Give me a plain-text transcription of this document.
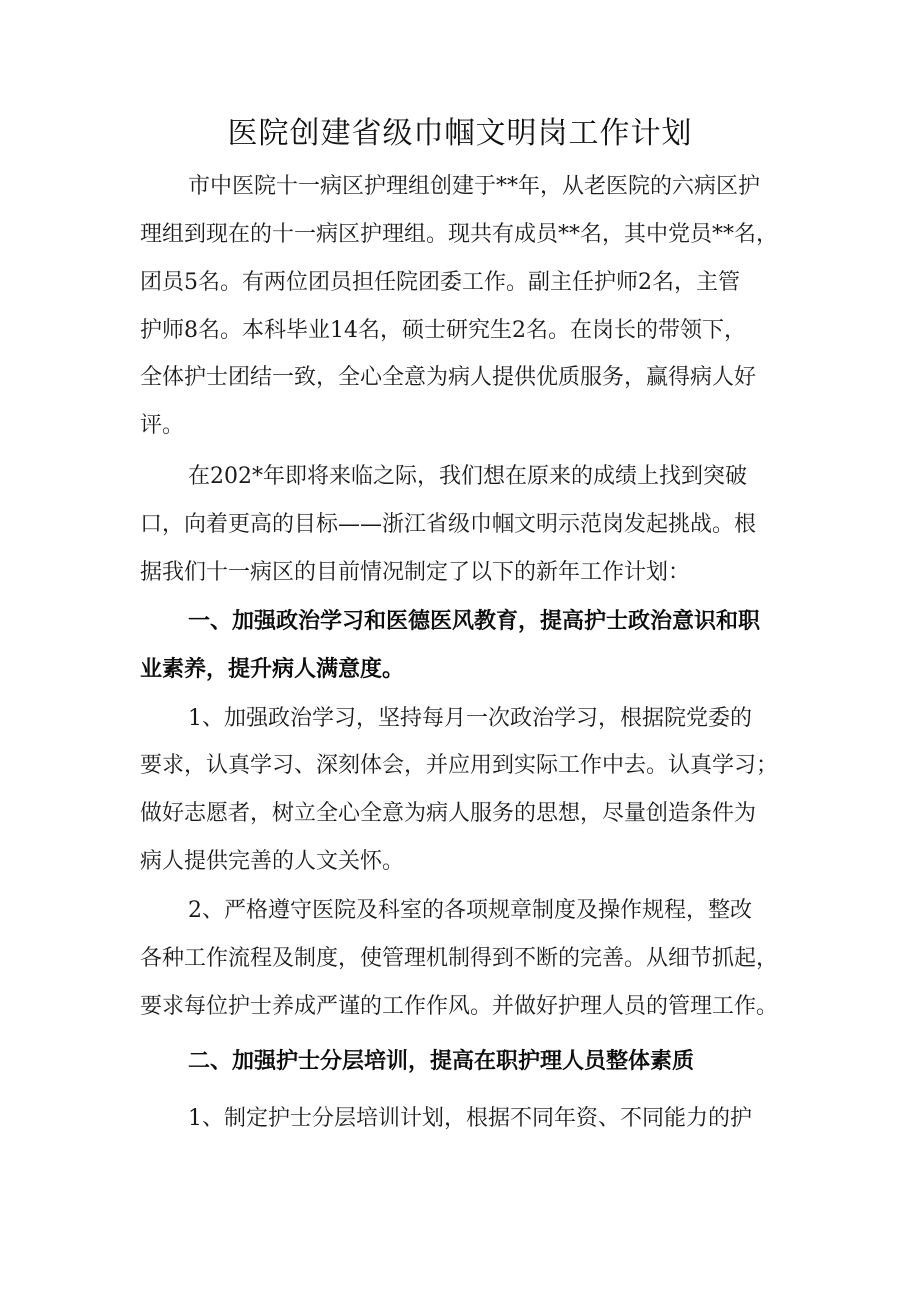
医院创建省级巾帼文明岗工作计划
市中医院十一病区护理组创建于**年，从老医院的六病区护
理组到现在的十一病区护理组。现共有成员**名，其中党员**名，
团员5名。有两位团员担任院团委工作。副主任护师2名，主管
护师8名。本科毕业14名，硕士研究生2名。在岗长的带领下，
全体护士团结一致，全心全意为病人提供优质服务，赢得病人好
评。
在202*年即将来临之际，我们想在原来的成绩上找到突破
口，向着更高的目标——浙江省级巾帼文明示范岗发起挑战。根
据我们十一病区的目前情况制定了以下的新年工作计划：
一、加强政治学习和医德医风教育，提高护士政治意识和职
业素养，提升病人满意度。
1、加强政治学习，坚持每月一次政治学习，根据院党委的
要求，认真学习、深刻体会，并应用到实际工作中去。认真学习；
做好志愿者，树立全心全意为病人服务的思想，尽量创造条件为
病人提供完善的人文关怀。
2、严格遵守医院及科室的各项规章制度及操作规程，整改
各种工作流程及制度，使管理机制得到不断的完善。从细节抓起，
要求每位护士养成严谨的工作作风。并做好护理人员的管理工作。
二、加强护士分层培训，提高在职护理人员整体素质
1、制定护士分层培训计划，根据不同年资、不同能力的护
